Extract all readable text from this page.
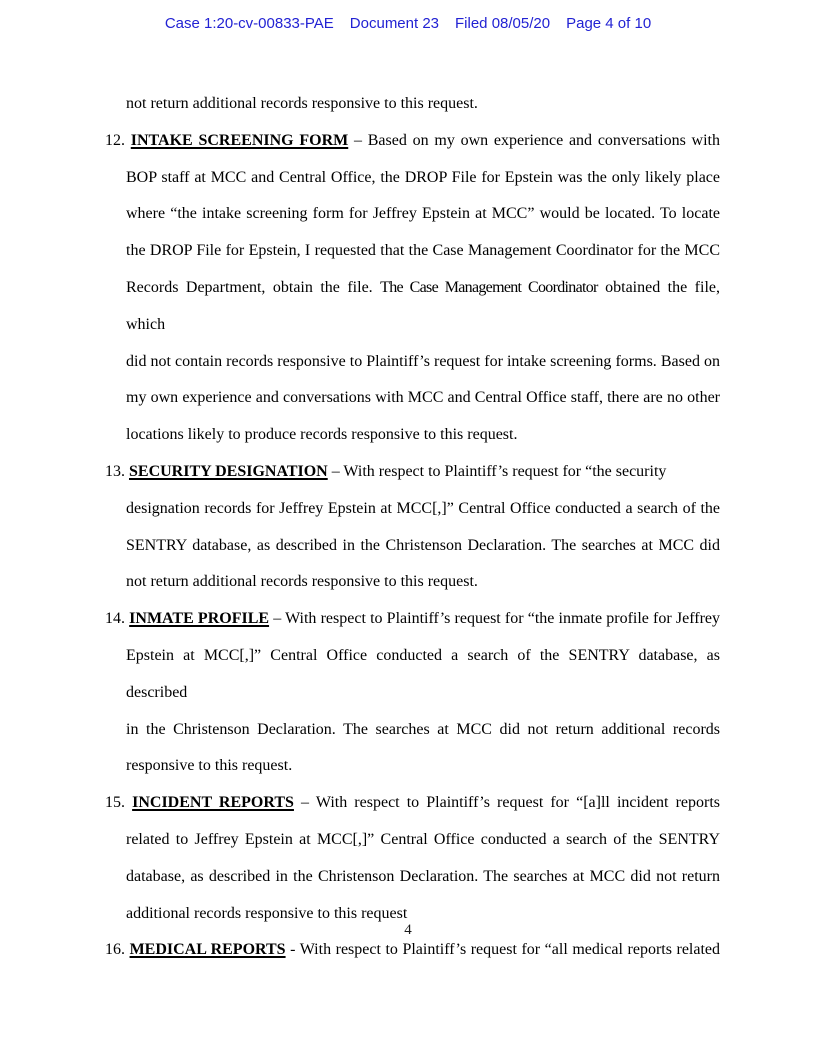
Case 1:20-cv-00833-PAE Document 23 Filed 08/05/20 Page 4 of 10
not return additional records responsive to this request.
12. INTAKE SCREENING FORM – Based on my own experience and conversations with
BOP staff at MCC and Central Office, the DROP File for Epstein was the only likely place
where “the intake screening form for Jeffrey Epstein at MCC” would be located. To locate
the DROP File for Epstein, I requested that the Case Management Coordinator for the MCC
Records Department, obtain the file. The Case Management Coordinator obtained the file, which
did not contain records responsive to Plaintiff’s request for intake screening forms. Based on
my own experience and conversations with MCC and Central Office staff, there are no other
locations likely to produce records responsive to this request.
13. SECURITY DESIGNATION – With respect to Plaintiff’s request for “the security
designation records for Jeffrey Epstein at MCC[,]” Central Office conducted a search of the
SENTRY database, as described in the Christenson Declaration. The searches at MCC did
not return additional records responsive to this request.
14. INMATE PROFILE – With respect to Plaintiff’s request for “the inmate profile for Jeffrey
Epstein at MCC[,]” Central Office conducted a search of the SENTRY database, as described
in the Christenson Declaration. The searches at MCC did not return additional records
responsive to this request.
15. INCIDENT REPORTS – With respect to Plaintiff’s request for “[a]ll incident reports
related to Jeffrey Epstein at MCC[,]” Central Office conducted a search of the SENTRY
database, as described in the Christenson Declaration. The searches at MCC did not return
additional records responsive to this request
16. MEDICAL REPORTS - With respect to Plaintiff’s request for “all medical reports related
4
